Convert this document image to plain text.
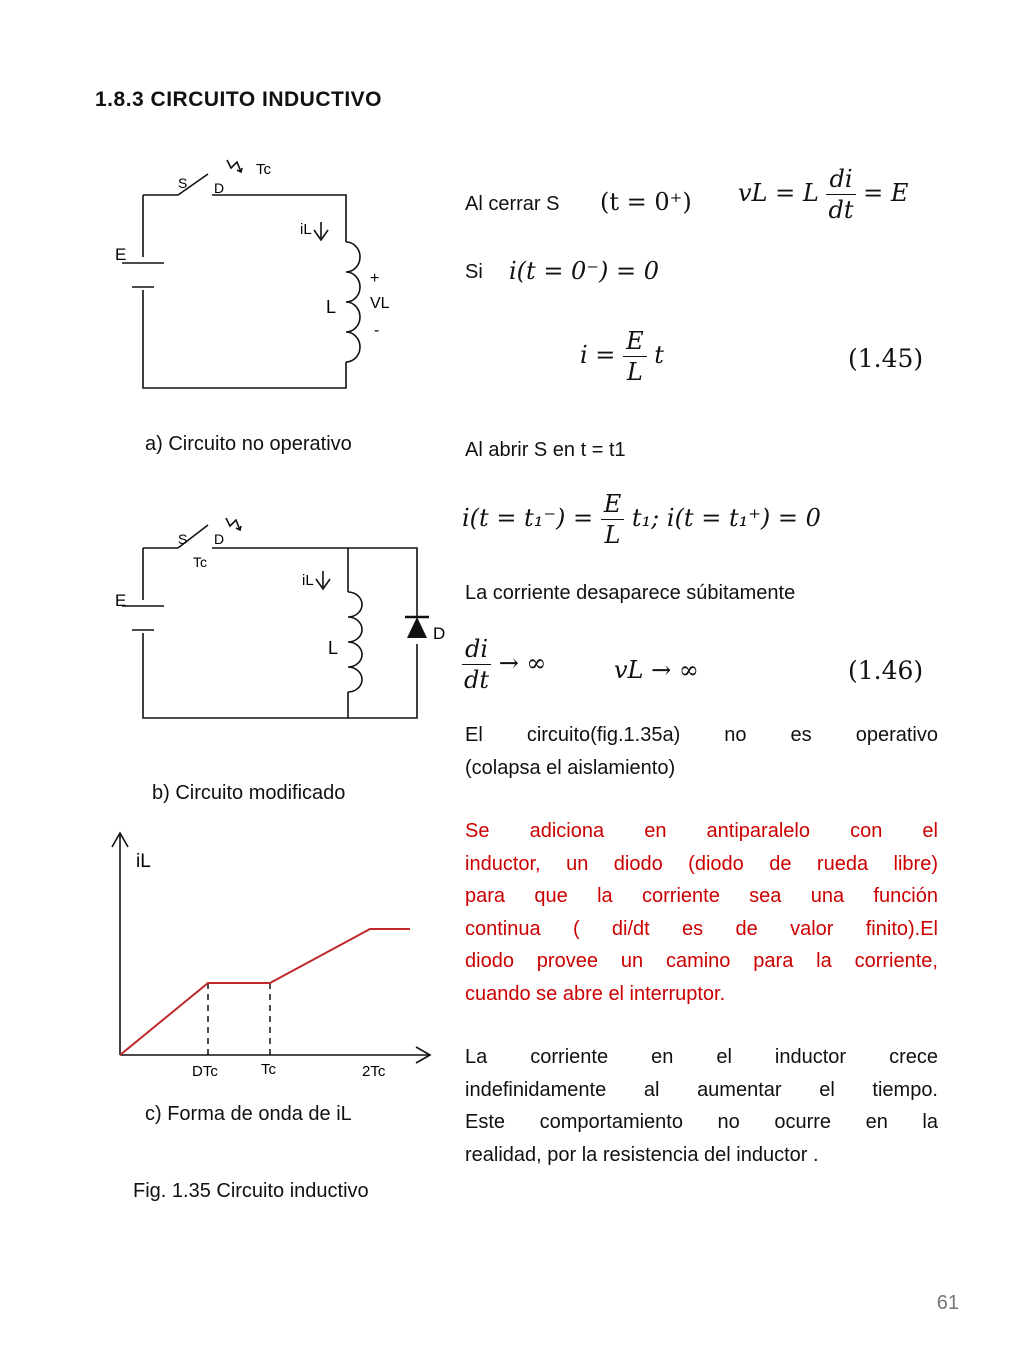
1.8.3 CIRCUITO INDUCTIVO
S D
Tc
E
iL
L
+
VL
-
a) Circuito no operativo
S D
Tc
E
iL
L
D
b) Circuito modificado
iL
DTc	Tc	2Tc
c) Forma de onda de iL
Fig. 1.35 Circuito inductivo
Al cerrar S (t = 0⁺) vL = L $\frac{di}{dt} = E$
Si i(t = 0⁻) = 0
$i = \frac{E}{L}$ t	(1.45)
Al abrir S en t = t1
$i(t = t_1^-) = \frac{E}{L} t_1$; i(t = t₁⁺) = 0
La corriente desaparece súbitamente
$\frac{di}{dt}$ → ∞	vL → ∞	(1.46)
El circuito(fig.1.35a) no es operativo
(colapsa el aislamiento)
Se adiciona en antiparalelo con el
inductor, un diodo (diodo de rueda libre)
para que la corriente sea una función
continua ( di/dt es de valor finito).El
diodo provee un camino para la corriente,
cuando se abre el interruptor.
La corriente en el inductor crece
indefinidamente al aumentar el tiempo.
Este comportamiento no ocurre en la
realidad, por la resistencia del inductor .
61
